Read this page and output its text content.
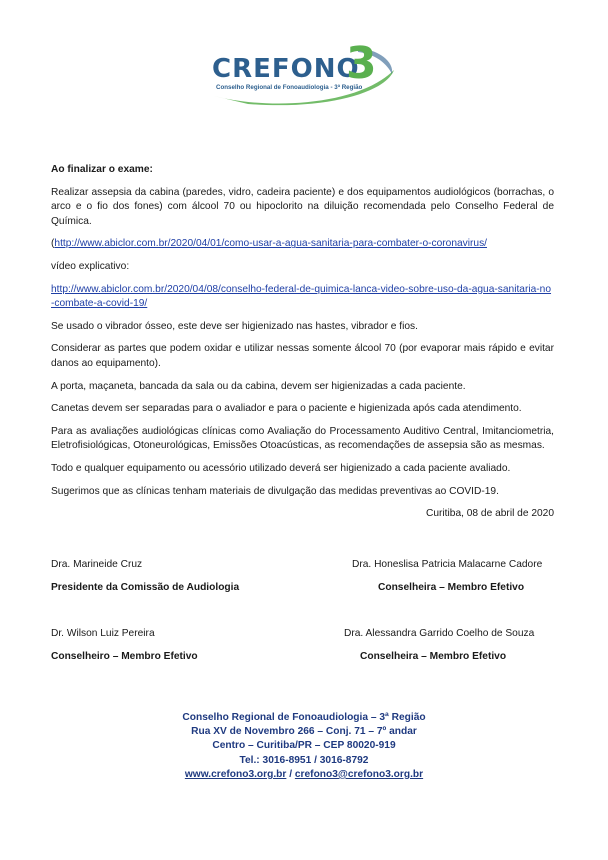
CREFONO
3
Conselho Regional de Fonoaudiologia - 3ª Região

Ao finalizar o exame:

Realizar assepsia da cabina (paredes, vidro, cadeira paciente) e dos equipamentos audiológicos (borrachas, o arco e o fio dos fones) com álcool 70 ou hipoclorito na diluição recomendada pelo Conselho Federal de Química.

(http://www.abiclor.com.br/2020/04/01/como-usar-a-agua-sanitaria-para-combater-o-coronavirus/

vídeo explicativo:

http://www.abiclor.com.br/2020/04/08/conselho-federal-de-quimica-lanca-video-sobre-uso-da-agua-sanitaria-no-combate-a-covid-19/

Se usado o vibrador ósseo, este deve ser higienizado nas hastes, vibrador e fios.

Considerar as partes que podem oxidar e utilizar nessas somente álcool 70 (por evaporar mais rápido e evitar danos ao equipamento).

A porta, maçaneta, bancada da sala ou da cabina, devem ser higienizadas a cada paciente.

Canetas devem ser separadas para o avaliador e para o paciente e higienizada após cada atendimento.

Para as avaliações audiológicas clínicas como Avaliação do Processamento Auditivo Central, Imitanciometria, Eletrofisiológicas, Otoneurológicas, Emissões Otoacústicas, as recomendações de assepsia são as mesmas.

Todo e qualquer equipamento ou acessório utilizado deverá ser higienizado a cada paciente avaliado.

Sugerimos que as clínicas tenham materiais de divulgação das medidas preventivas ao COVID-19.

Curitiba, 08 de abril de 2020

Dra. Marineide Cruz
Presidente da Comissão de Audiologia
Dra. Honeslisa Patricia Malacarne Cadore
Conselheira – Membro Efetivo
Dr. Wilson Luiz Pereira
Conselheiro – Membro Efetivo
Dra. Alessandra Garrido Coelho de Souza
Conselheira – Membro Efetivo
Conselho Regional de Fonoaudiologia – 3ª Região
Rua XV de Novembro 266 – Conj. 71 – 7º andar
Centro – Curitiba/PR – CEP 80020-919
Tel.: 3016-8951 / 3016-8792
www.crefono3.org.br / crefono3@crefono3.org.br
